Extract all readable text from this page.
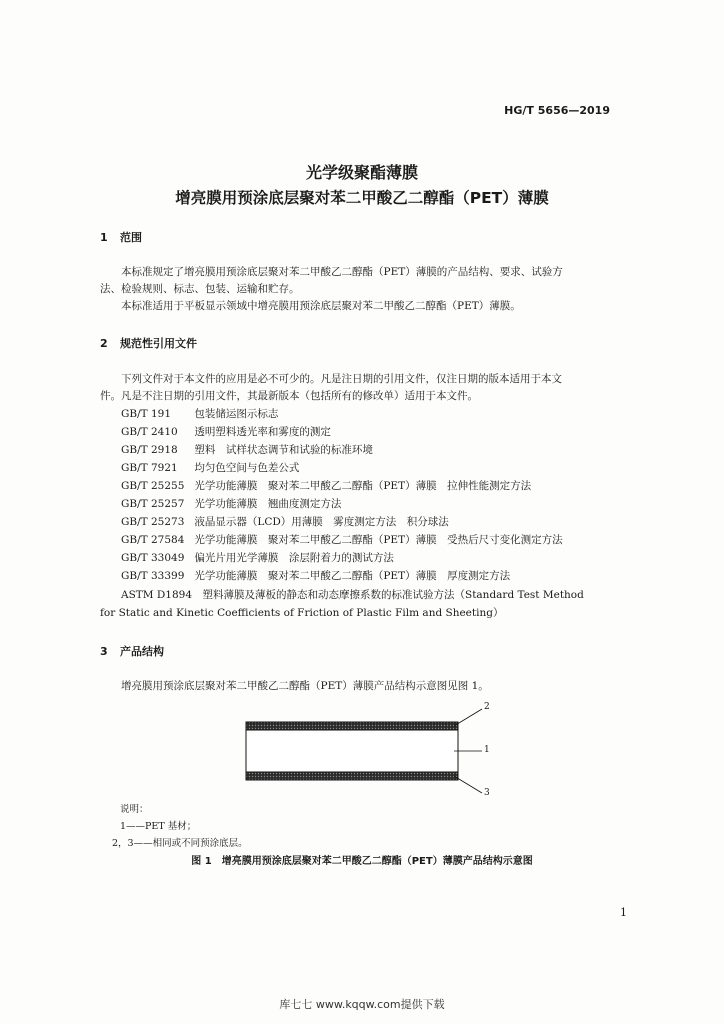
HG/T 5656—2019
光学级聚酯薄膜
增亮膜用预涂底层聚对苯二甲酸乙二醇酯（PET）薄膜
1 范围
本标准规定了增亮膜用预涂底层聚对苯二甲酸乙二醇酯（PET）薄膜的产品结构、要求、试验方
法、检验规则、标志、包装、运输和贮存。
本标准适用于平板显示领域中增亮膜用预涂底层聚对苯二甲酸乙二醇酯（PET）薄膜。
2 规范性引用文件
下列文件对于本文件的应用是必不可少的。凡是注日期的引用文件，仅注日期的版本适用于本文
件。凡是不注日期的引用文件，其最新版本（包括所有的修改单）适用于本文件。
GB/T 191 包装储运图示标志
GB/T 2410 透明塑料透光率和雾度的测定
GB/T 2918 塑料　试样状态调节和试验的标准环境
GB/T 7921 均匀色空间与色差公式
GB/T 25255 光学功能薄膜　聚对苯二甲酸乙二醇酯（PET）薄膜　拉伸性能测定方法
GB/T 25257 光学功能薄膜　翘曲度测定方法
GB/T 25273 液晶显示器（LCD）用薄膜　雾度测定方法　积分球法
GB/T 27584 光学功能薄膜　聚对苯二甲酸乙二醇酯（PET）薄膜　受热后尺寸变化测定方法
GB/T 33049 偏光片用光学薄膜　涂层附着力的测试方法
GB/T 33399 光学功能薄膜　聚对苯二甲酸乙二醇酯（PET）薄膜　厚度测定方法
ASTM D1894　塑料薄膜及薄板的静态和动态摩擦系数的标准试验方法（Standard Test Method
for Static and Kinetic Coefficients of Friction of Plastic Film and Sheeting）
3 产品结构
增亮膜用预涂底层聚对苯二甲酸乙二醇酯（PET）薄膜产品结构示意图见图 1。
2
1
3
说明：
1——PET 基材；
2，3——相同或不同预涂底层。
图 1　增亮膜用预涂底层聚对苯二甲酸乙二醇酯（PET）薄膜产品结构示意图
1
库七七 www.kqqw.com提供下载
